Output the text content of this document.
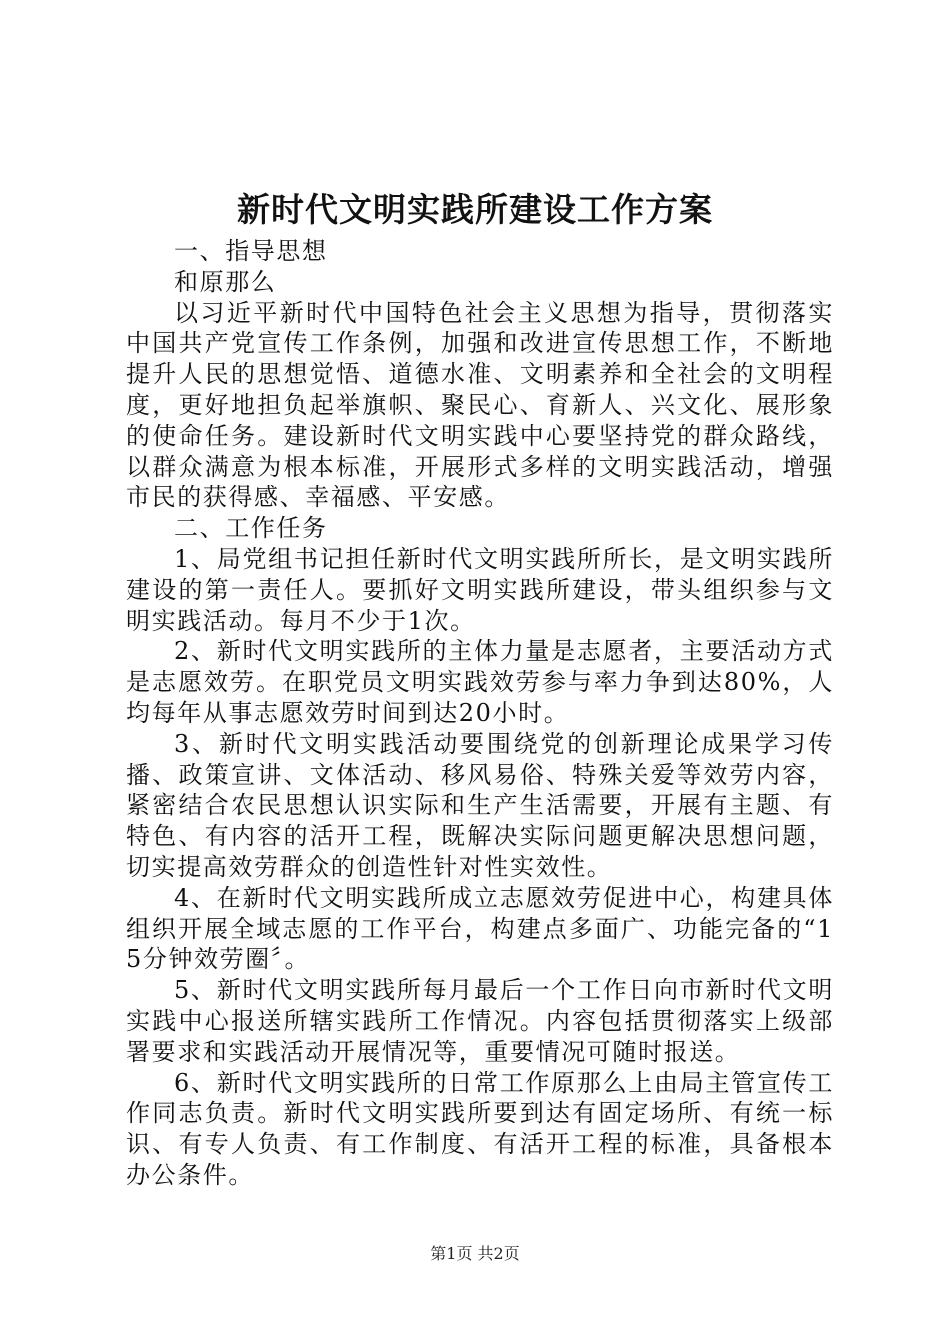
新时代文明实践所建设工作方案

一、指导思想

和原那么

以习近平新时代中国特色社会主义思想为指导，贯彻落实中国共产党宣传工作条例，加强和改进宣传思想工作，不断地提升人民的思想觉悟、道德水准、文明素养和全社会的文明程度，更好地担负起举旗帜、聚民心、育新人、兴文化、展形象的使命任务。建设新时代文明实践中心要坚持党的群众路线，以群众满意为根本标准，开展形式多样的文明实践活动，增强市民的获得感、幸福感、平安感。

二、工作任务

1、局党组书记担任新时代文明实践所所长，是文明实践所建设的第一责任人。要抓好文明实践所建设，带头组织参与文明实践活动。每月不少于1次。

2、新时代文明实践所的主体力量是志愿者，主要活动方式是志愿效劳。在职党员文明实践效劳参与率力争到达80%，人均每年从事志愿效劳时间到达20小时。

3、新时代文明实践活动要围绕党的创新理论成果学习传播、政策宣讲、文体活动、移风易俗、特殊关爱等效劳内容，紧密结合农民思想认识实际和生产生活需要，开展有主题、有特色、有内容的活开工程，既解决实际问题更解决思想问题，切实提高效劳群众的创造性针对性实效性。

4、在新时代文明实践所成立志愿效劳促进中心，构建具体组织开展全域志愿的工作平台，构建点多面广、功能完备的“15分钟效劳圈〞。

5、新时代文明实践所每月最后一个工作日向市新时代文明实践中心报送所辖实践所工作情况。内容包括贯彻落实上级部署要求和实践活动开展情况等，重要情况可随时报送。

6、新时代文明实践所的日常工作原那么上由局主管宣传工作同志负责。新时代文明实践所要到达有固定场所、有统一标识、有专人负责、有工作制度、有活开工程的标准，具备根本办公条件。

第1页 共2页
